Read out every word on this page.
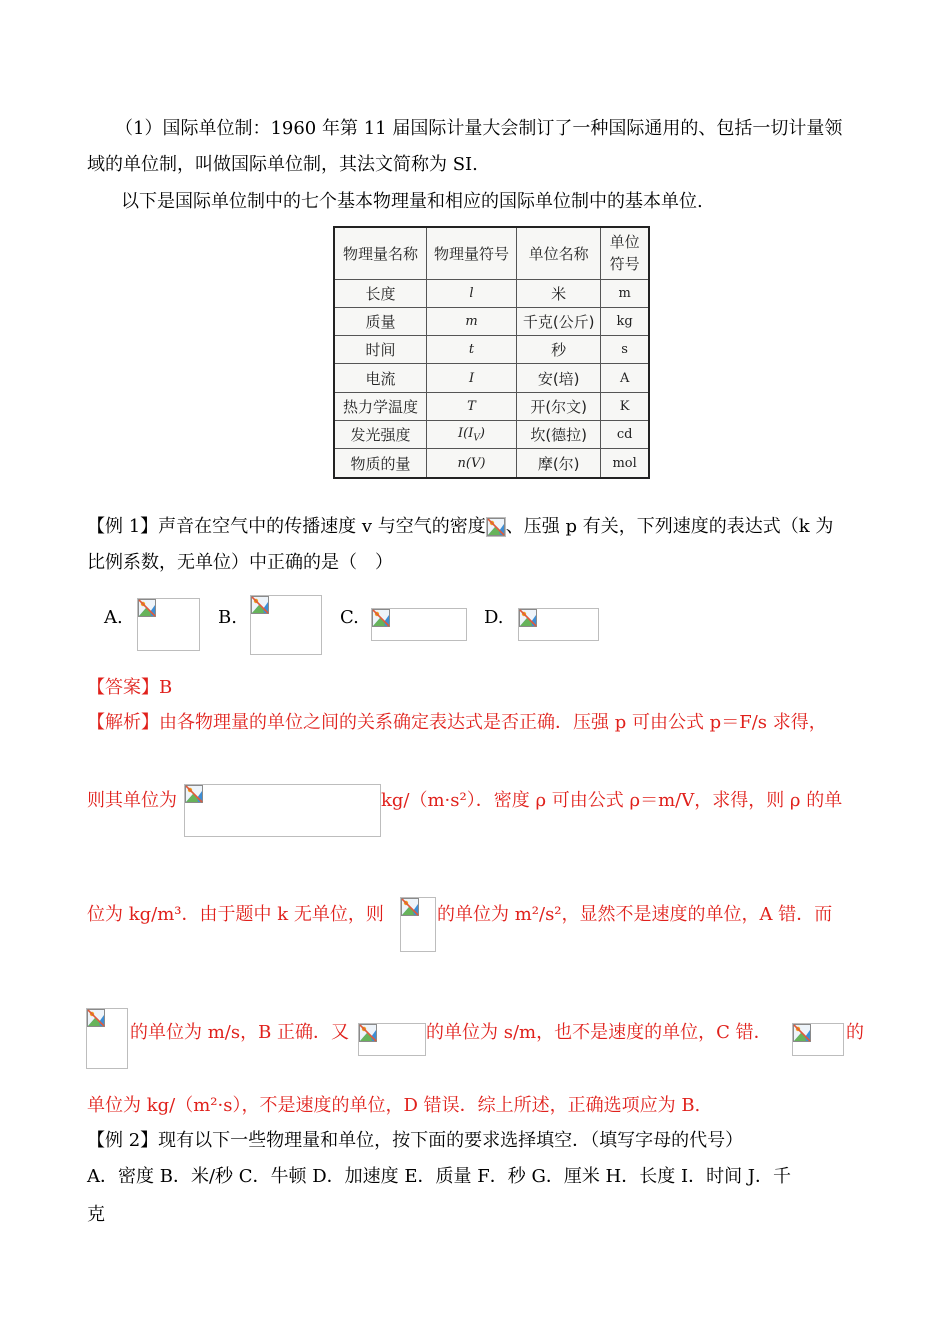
（1）国际单位制：1960 年第 11 届国际计量大会制订了一种国际通用的、包括一切计量领
域的单位制，叫做国际单位制，其法文简称为 SI.
以下是国际单位制中的七个基本物理量和相应的国际单位制中的基本单位.
物理量名称	物理量符号	单位名称	单位
符号

长度	l	米	m
质量	m	千克(公斤)	kg
时间	t	秒	s
电流	I	安(培)	A
热力学温度	T	开(尔文)	K
发光强度	$I(I_V)$	坎(德拉)	cd
物质的量	n(V)	摩(尔)	mol
【例 1】声音在空气中的传播速度 v 与空气的密度 、压强 p 有关，下列速度的表达式（k 为
比例系数，无单位）中正确的是（　）
A.	B.	C.	D.
【答案】B
【解析】由各物理量的单位之间的关系确定表达式是否正确．压强 p 可由公式 p＝F/s 求得，
则其单位为	kg/（m·s²）．密度 ρ 可由公式 ρ＝m/V，求得，则 ρ 的单
位为 kg/m³．由于题中 k 无单位，则	的单位为 m²/s²，显然不是速度的单位，A 错．而
的单位为 m/s，B 正确．又	的单位为 s/m，也不是速度的单位，C 错．	的
单位为 kg/（m²·s），不是速度的单位，D 错误．综上所述，正确选项应为 B.
【例 2】现有以下一些物理量和单位，按下面的要求选择填空．（填写字母的代号）
A．密度 B．米/秒 C．牛顿 D．加速度 E．质量 F．秒 G．厘米 H．长度 I．时间 J．千
克
